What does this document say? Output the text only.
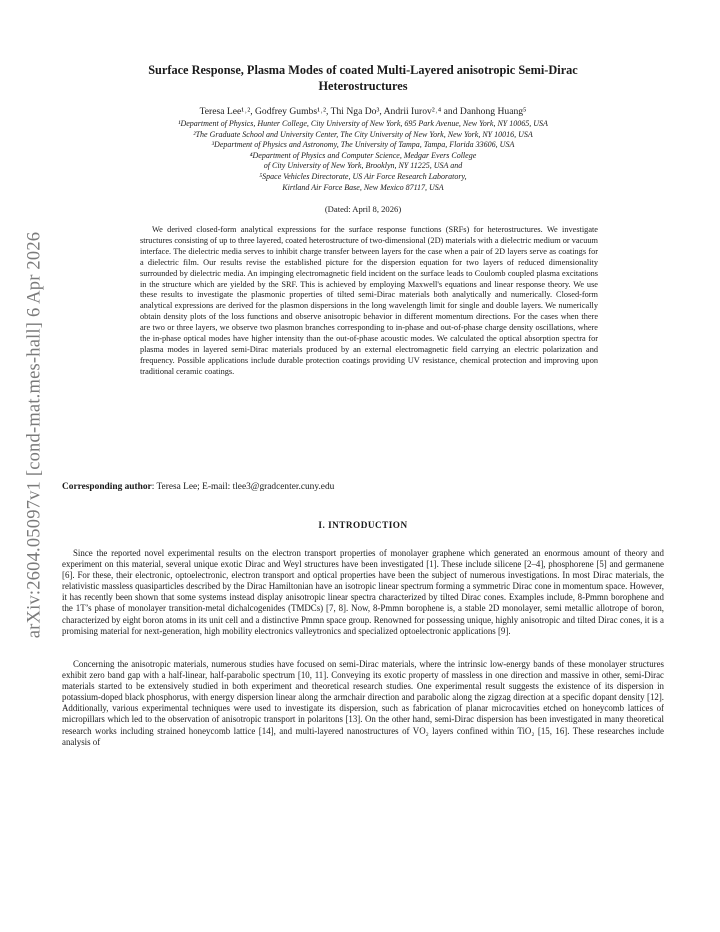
arXiv:2604.05097v1 [cond-mat.mes-hall] 6 Apr 2026
Surface Response, Plasma Modes of coated Multi-Layered anisotropic Semi-Dirac
Heterostructures
Teresa Lee¹˒², Godfrey Gumbs¹˒², Thi Nga Do³, Andrii Iurov²˒⁴ and Danhong Huang⁵
¹Department of Physics, Hunter College, City University of New York, 695 Park Avenue, New York, NY 10065, USA
²The Graduate School and University Center, The City University of New York, New York, NY 10016, USA
³Department of Physics and Astronomy, The University of Tampa, Tampa, Florida 33606, USA
⁴Department of Physics and Computer Science, Medgar Evers College
of City University of New York, Brooklyn, NY 11225, USA and
⁵Space Vehicles Directorate, US Air Force Research Laboratory,
Kirtland Air Force Base, New Mexico 87117, USA
(Dated: April 8, 2026)

We derived closed-form analytical expressions for the surface response functions (SRFs) for heterostructures. We investigate structures consisting of up to three layered, coated heterostructure of two-dimensional (2D) materials with a dielectric medium or vacuum interface. The dielectric media serves to inhibit charge transfer between layers for the case when a pair of 2D layers serve as coatings for a dielectric film. Our results revise the established picture for the dispersion equation for two layers of reduced dimensionality surrounded by dielectric media. An impinging electromagnetic field incident on the surface leads to Coulomb coupled plasma excitations in the structure which are yielded by the SRF. This is achieved by employing Maxwell's equations and linear response theory. We use these results to investigate the plasmonic properties of tilted semi-Dirac materials both analytically and numerically. Closed-form analytical expressions are derived for the plasmon dispersions in the long wavelength limit for single and double layers. We numerically obtain density plots of the loss functions and observe anisotropic behavior in different momentum directions. For the cases when there are two or three layers, we observe two plasmon branches corresponding to in-phase and out-of-phase charge density oscillations, where the in-phase optical modes have higher intensity than the out-of-phase acoustic modes. We calculated the optical absorption spectra for plasma modes in layered semi-Dirac materials produced by an external electromagnetic field carrying an electric polarization and frequency. Possible applications include durable protection coatings providing UV resistance, chemical protection and improving upon traditional ceramic coatings.

Corresponding author: Teresa Lee; E-mail: tlee3@gradcenter.cuny.edu
I. INTRODUCTION

Since the reported novel experimental results on the electron transport properties of monolayer graphene which generated an enormous amount of theory and experiment on this material, several unique exotic Dirac and Weyl structures have been investigated [1]. These include silicene [2–4], phosphorene [5] and germanene [6]. For these, their electronic, optoelectronic, electron transport and optical properties have been the subject of numerous investigations. In most Dirac materials, the relativistic massless quasiparticles described by the Dirac Hamiltonian have an isotropic linear spectrum forming a symmetric Dirac cone in momentum space. However, it has recently been shown that some systems instead display anisotropic linear spectra characterized by tilted Dirac cones. Examples include, 8-Pmmn borophene and the 1T’s phase of monolayer transition-metal dichalcogenides (TMDCs) [7, 8]. Now, 8-Pmmn borophene is, a stable 2D monolayer, semi metallic allotrope of boron, characterized by eight boron atoms in its unit cell and a distinctive Pmmn space group. Renowned for possessing unique, highly anisotropic and tilted Dirac cones, it is a promising material for next-generation, high mobility electronics valleytronics and specialized optoelectronic applications [9].

Concerning the anisotropic materials, numerous studies have focused on semi-Dirac materials, where the intrinsic low-energy bands of these monolayer structures exhibit zero band gap with a half-linear, half-parabolic spectrum [10, 11]. Conveying its exotic property of massless in one direction and massive in other, semi-Dirac materials started to be extensively studied in both experiment and theoretical research studies. One experimental result suggests the existence of its dispersion in potassium-doped black phosphorus, with energy dispersion linear along the armchair direction and parabolic along the zigzag direction at a specific dopant density [12]. Additionally, various experimental techniques were used to investigate its dispersion, such as fabrication of planar microcavities etched on honeycomb lattices of micropillars which led to the observation of anisotropic transport in polaritons [13]. On the other hand, semi-Dirac dispersion has been investigated in many theoretical research works including strained honeycomb lattice [14], and multi-layered nanostructures of VO₂ layers confined within TiO₂ [15, 16]. These researches include analysis of
